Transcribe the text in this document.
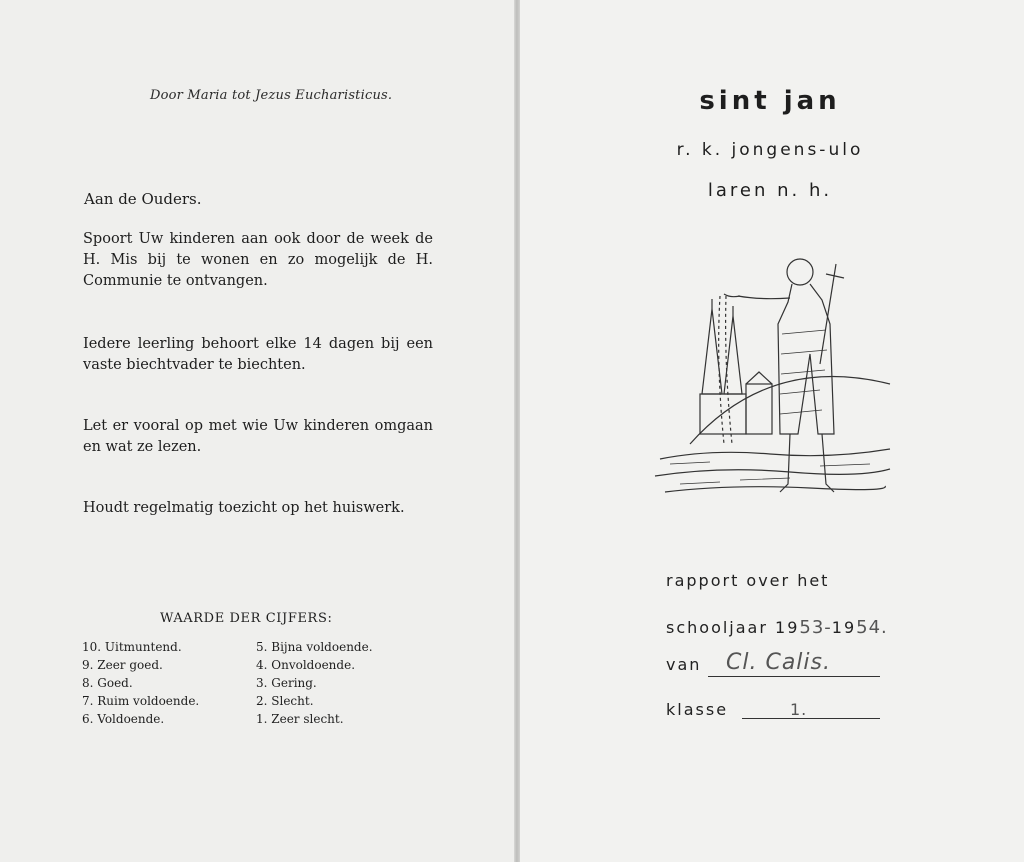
Door Maria tot Jezus Eucharisticus.
Aan de Ouders.
Spoort Uw kinderen aan ook door de week de H. Mis bij te wonen en zo mogelijk de H. Communie te ontvangen.
Iedere leerling behoort elke 14 dagen bij een vaste biechtvader te biechten.
Let er vooral op met wie Uw kinderen omgaan en wat ze lezen.
Houdt regelmatig toezicht op het huiswerk.
WAARDE DER CIJFERS:
10. Uitmuntend.
9. Zeer goed.
8. Goed.
7. Ruim voldoende.
6. Voldoende.
5. Bijna voldoende.
4. Onvoldoende.
3. Gering.
2. Slecht.
1. Zeer slecht.
sint jan
r. k. jongens-ulo
laren n. h.
rapport over het
schooljaar 1953-1954.
van Cl. Calis.
klasse	1.
